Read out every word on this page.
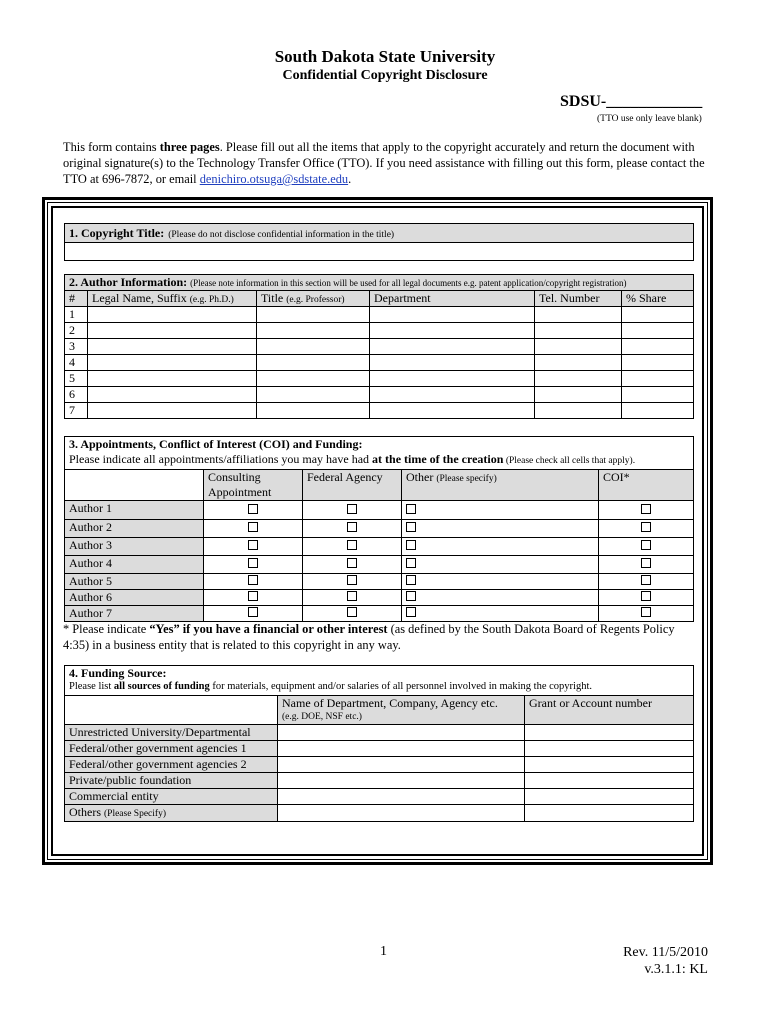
South Dakota State University
Confidential Copyright Disclosure
SDSU-____________
(TTO use only leave blank)
This form contains three pages. Please fill out all the items that apply to the copyright accurately and return the document with original signature(s) to the Technology Transfer Office (TTO). If you need assistance with filling out this form, please contact the TTO at 696-7872, or email denichiro.otsuga@sdstate.edu.
1. Copyright Title: (Please do not disclose confidential information in the title)

2. Author Information: (Please note information in this section will be used for all legal documents e.g. patent application/copyright registration)					
#	Legal Name, Suffix (e.g. Ph.D.)	Title (e.g. Professor)	Department	Tel. Number	% Share
1					
2					
3					
4					
5					
6					
7					
3. Appointments, Conflict of Interest (COI) and Funding:
Please indicate all appointments/affiliations you may have had at the time of the creation (Please check all cells that apply).				

	Consulting Appointment	Federal Agency	Other (Please specify)	COI*
Author 1				
Author 2				
Author 3				
Author 4				
Author 5				
Author 6				
Author 7				
* Please indicate “Yes” if you have a financial or other interest (as defined by the South Dakota Board of Regents Policy 4:35) in a business entity that is related to this copyright in any way.
4. Funding Source:
Please list all sources of funding for materials, equipment and/or salaries of all personnel involved in making the copyright.		

	Name of Department, Company, Agency etc.
(e.g. DOE, NSF etc.)	Grant or Account number
Unrestricted University/Departmental		
Federal/other government agencies 1		
Federal/other government agencies 2		
Private/public foundation		
Commercial entity		
Others (Please Specify)		
1	Rev. 11/5/2010
v.3.1.1: KL
